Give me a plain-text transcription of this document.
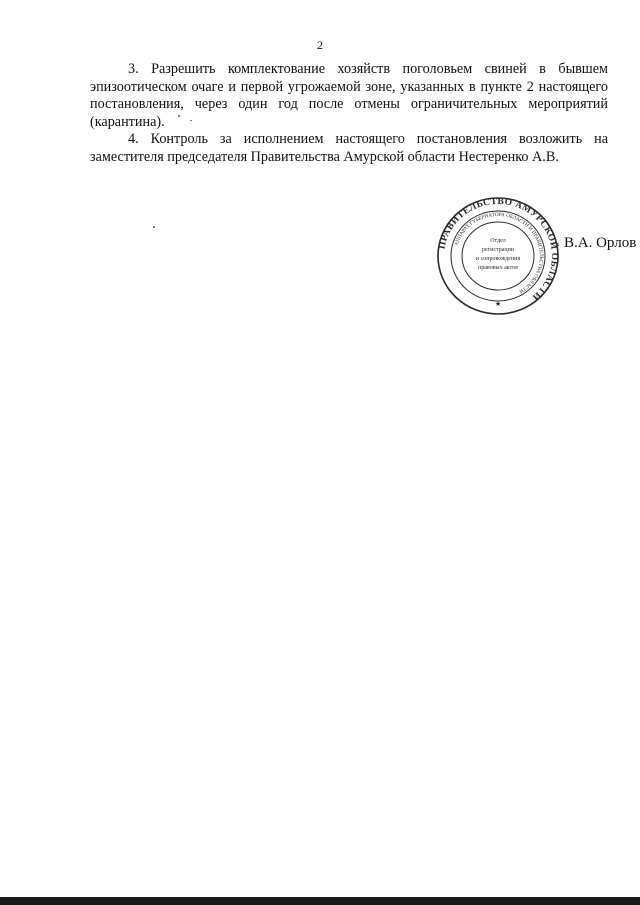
2

3. Разрешить комплектование хозяйств поголовьем свиней в бывшем эпизоотическом очаге и первой угрожаемой зоне, указанных в пункте 2 настоящего постановления, через один год после отмены ограничительных мероприятий (карантина).

4. Контроль за исполнением настоящего постановления возложить на заместителя председателя Правительства Амурской области Нестеренко А.В.

ПРАВИТЕЛЬСТВО АМУРСКОЙ ОБЛАСТИ
АППАРАТ ГУБЕРНАТОРА ОБЛАСТИ И ПРАВИТЕЛЬСТВА ОБЛАСТИ
Отдел
регистрации
и сопровождения
правовых актов
★
В.А. Орлов
